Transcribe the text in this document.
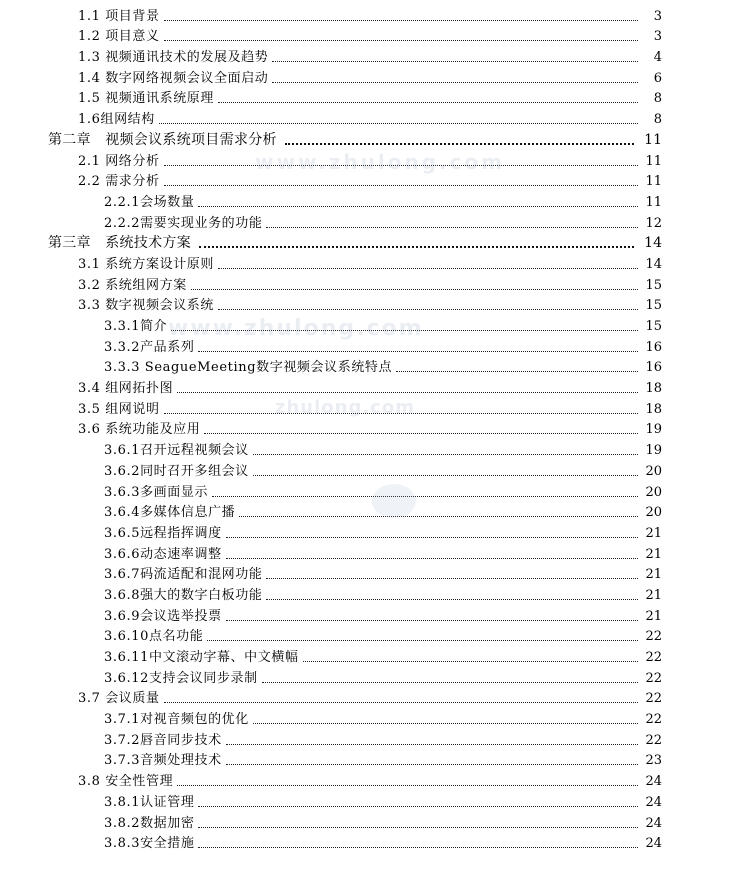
1.1 项目背景	3
1.2 项目意义	3
1.3 视频通讯技术的发展及趋势	4
1.4 数字网络视频会议全面启动	6
1.5 视频通讯系统原理	8
1.6组网结构	8
第二章　视频会议系统项目需求分析	11
2.1 网络分析	11
2.2 需求分析	11
2.2.1会场数量	11
2.2.2需要实现业务的功能	12
第三章　系统技术方案	14
3.1 系统方案设计原则	14
3.2 系统组网方案	15
3.3 数字视频会议系统	15
3.3.1简介	15
3.3.2产品系列	16
3.3.3 SeagueMeeting数字视频会议系统特点	16
3.4 组网拓扑图	18
3.5 组网说明	18
3.6 系统功能及应用	19
3.6.1召开远程视频会议	19
3.6.2同时召开多组会议	20
3.6.3多画面显示	20
3.6.4多媒体信息广播	20
3.6.5远程指挥调度	21
3.6.6动态速率调整	21
3.6.7码流适配和混网功能	21
3.6.8强大的数字白板功能	21
3.6.9会议选举投票	21
3.6.10点名功能	22
3.6.11中文滚动字幕、中文横幅	22
3.6.12支持会议同步录制	22
3.7 会议质量	22
3.7.1对视音频包的优化	22
3.7.2唇音同步技术	22
3.7.3音频处理技术	23
3.8 安全性管理	24
3.8.1认证管理	24
3.8.2数据加密	24
3.8.3安全措施	24
www.zhulong.com
www.zhulong.com
zhulong.com
